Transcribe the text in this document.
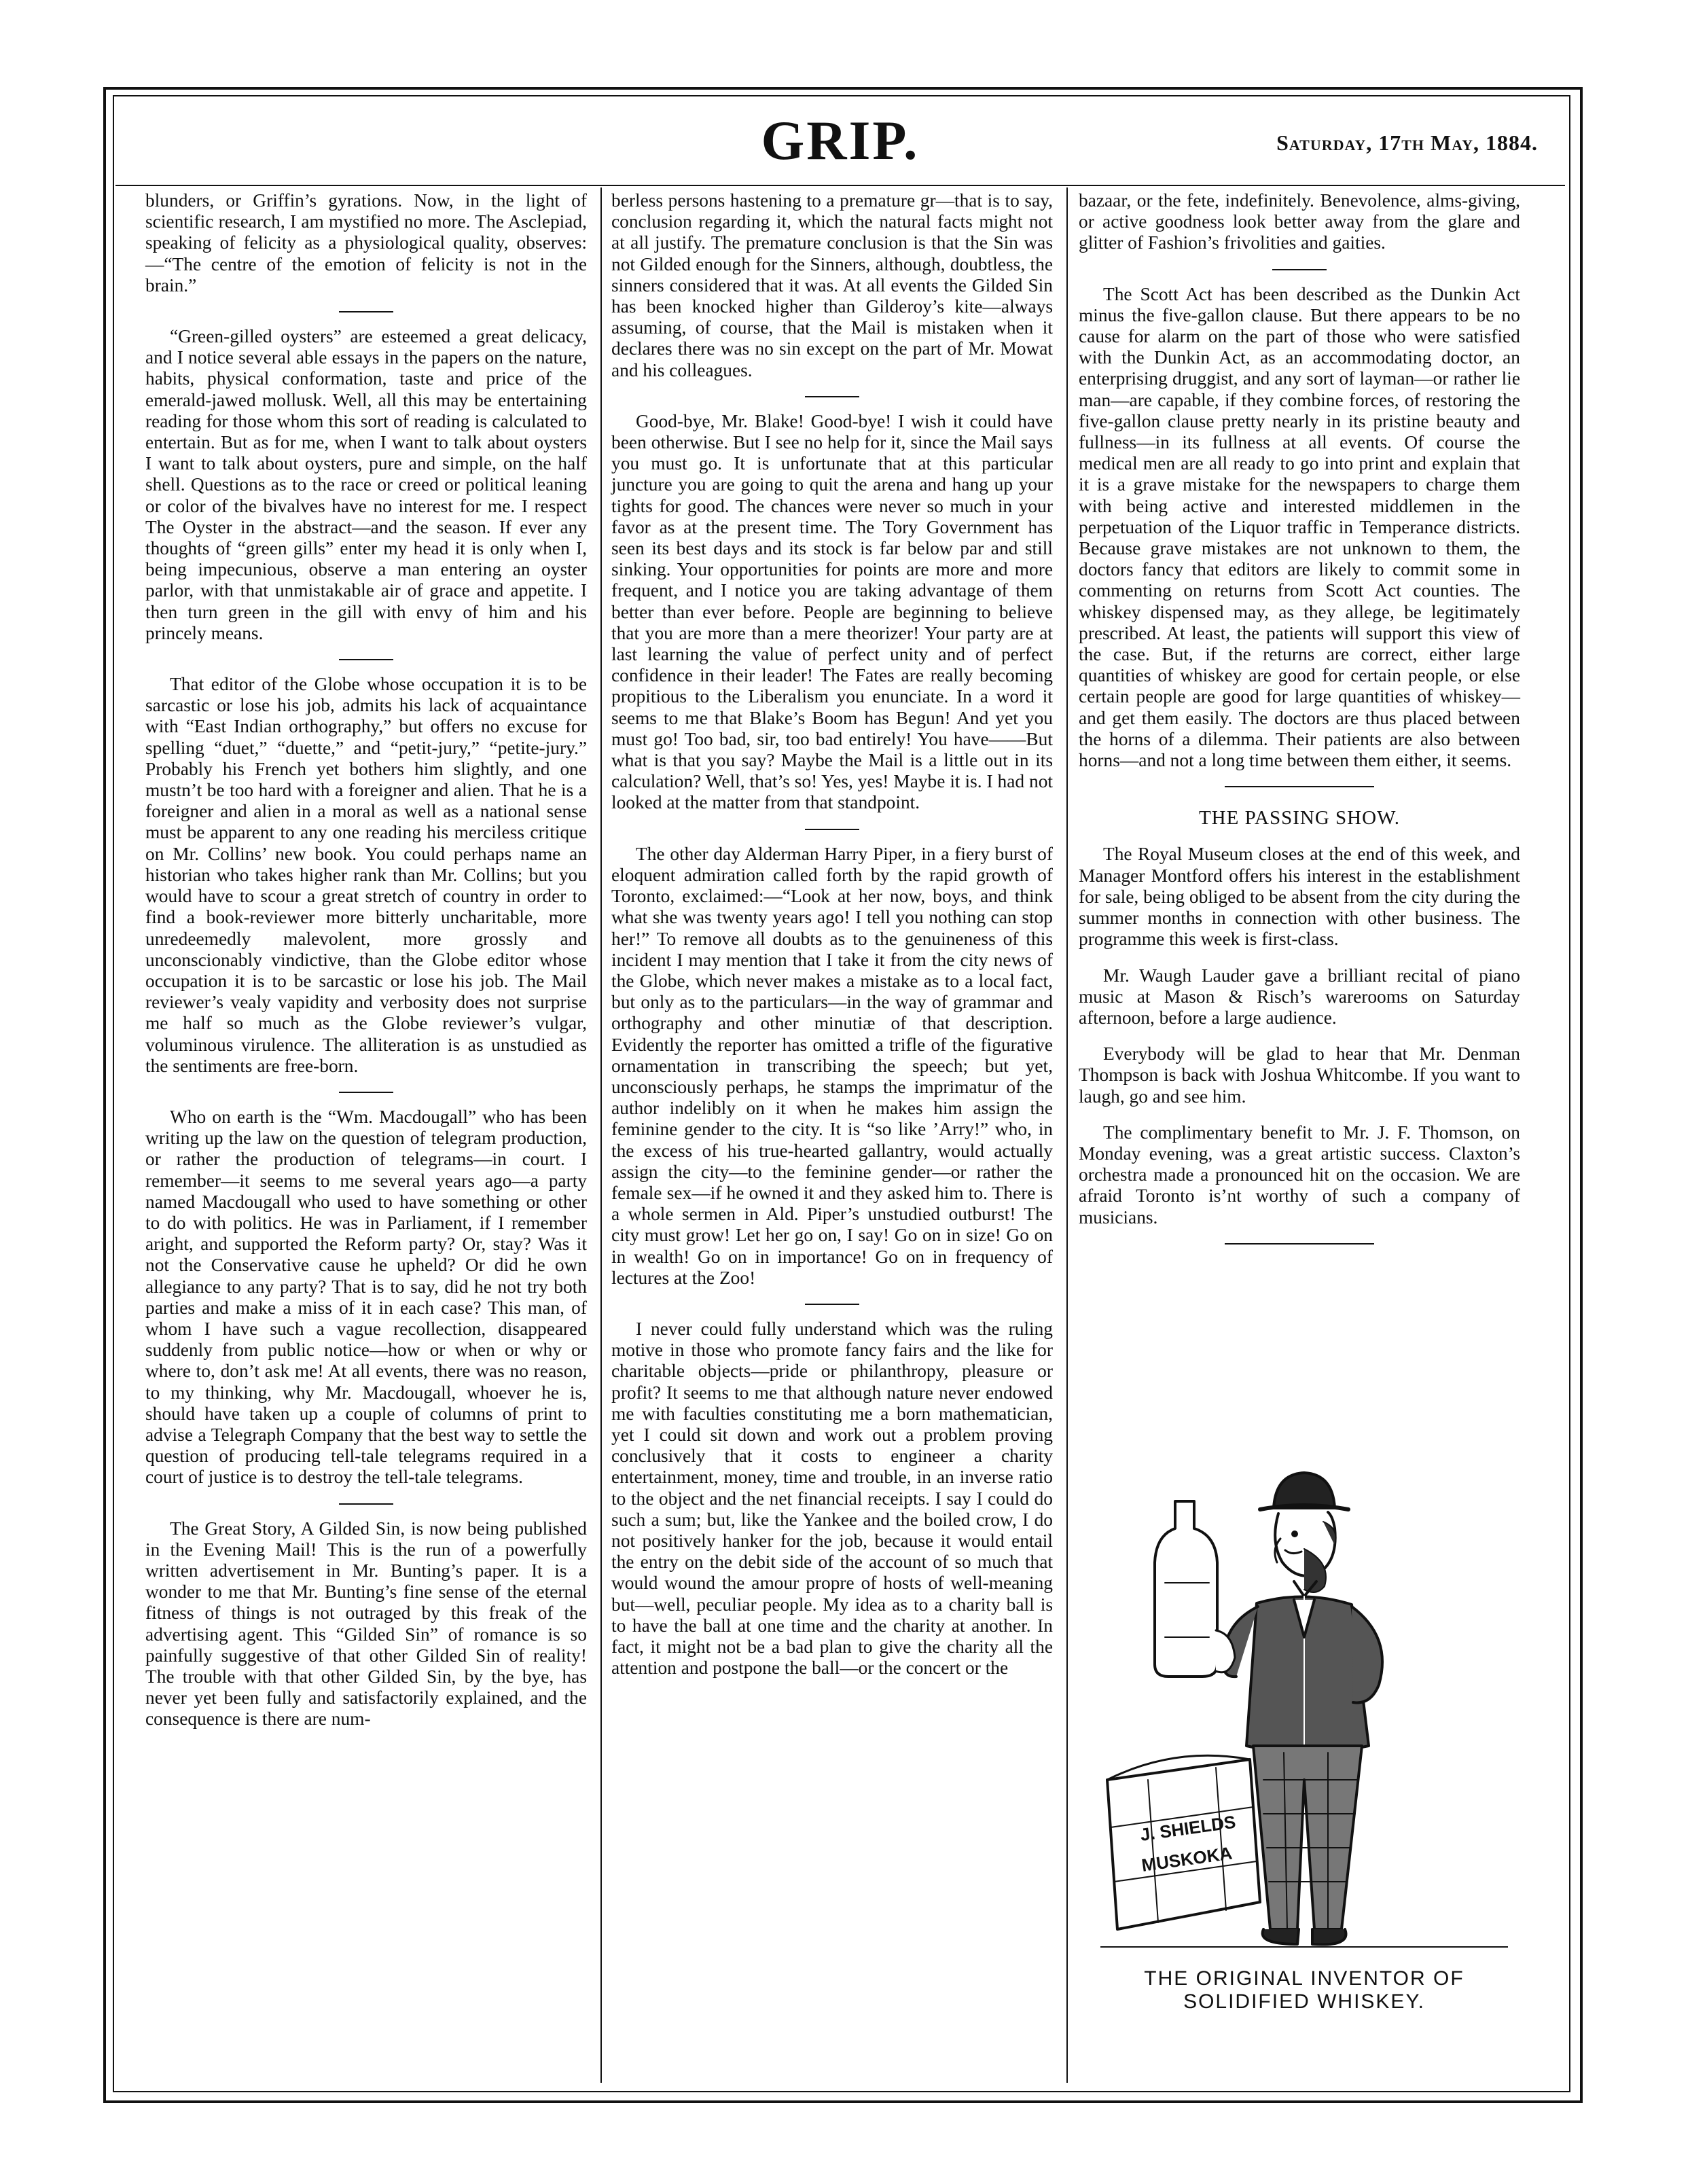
GRIP.	Saturday, 17th May, 1884.

blunders, or Griffin’s gyrations. Now, in the light of scientific research, I am mystified no more. The Asclepiad, speaking of felicity as a physiological quality, observes:—“The centre of the emotion of felicity is not in the brain.”

“Green-gilled oysters” are esteemed a great delicacy, and I notice several able essays in the papers on the nature, habits, physical conformation, taste and price of the emerald-jawed mollusk. Well, all this may be entertaining reading for those whom this sort of reading is calculated to entertain. But as for me, when I want to talk about oysters I want to talk about oysters, pure and simple, on the half shell. Questions as to the race or creed or political leaning or color of the bivalves have no interest for me. I respect The Oyster in the abstract—and the season. If ever any thoughts of “green gills” enter my head it is only when I, being impecunious, observe a man entering an oyster parlor, with that unmistakable air of grace and appetite. I then turn green in the gill with envy of him and his princely means.

That editor of the Globe whose occupation it is to be sarcastic or lose his job, admits his lack of acquaintance with “East Indian orthography,” but offers no excuse for spelling “duet,” “duette,” and “petit-jury,” “petite-jury.” Probably his French yet bothers him slightly, and one mustn’t be too hard with a foreigner and alien. That he is a foreigner and alien in a moral as well as a national sense must be apparent to any one reading his merciless critique on Mr. Collins’ new book. You could perhaps name an historian who takes higher rank than Mr. Collins; but you would have to scour a great stretch of country in order to find a book-reviewer more bitterly uncharitable, more unredeemedly malevolent, more grossly and unconscionably vindictive, than the Globe editor whose occupation it is to be sarcastic or lose his job. The Mail reviewer’s vealy vapidity and verbosity does not surprise me half so much as the Globe reviewer’s vulgar, voluminous virulence. The alliteration is as unstudied as the sentiments are free-born.

Who on earth is the “Wm. Macdougall” who has been writing up the law on the question of telegram production, or rather the production of telegrams—in court. I remember—it seems to me several years ago—a party named Macdougall who used to have something or other to do with politics. He was in Parliament, if I remember aright, and supported the Reform party? Or, stay? Was it not the Conservative cause he upheld? Or did he own allegiance to any party? That is to say, did he not try both parties and make a miss of it in each case? This man, of whom I have such a vague recollection, disappeared suddenly from public notice—how or when or why or where to, don’t ask me! At all events, there was no reason, to my thinking, why Mr. Macdougall, whoever he is, should have taken up a couple of columns of print to advise a Telegraph Company that the best way to settle the question of producing tell-tale telegrams required in a court of justice is to destroy the tell-tale telegrams.

The Great Story, A Gilded Sin, is now being published in the Evening Mail! This is the run of a powerfully written advertisement in Mr. Bunting’s paper. It is a wonder to me that Mr. Bunting’s fine sense of the eternal fitness of things is not outraged by this freak of the advertising agent. This “Gilded Sin” of romance is so painfully suggestive of that other Gilded Sin of reality! The trouble with that other Gilded Sin, by the bye, has never yet been fully and satisfactorily explained, and the consequence is there are num-

berless persons hastening to a premature gr—that is to say, conclusion regarding it, which the natural facts might not at all justify. The premature conclusion is that the Sin was not Gilded enough for the Sinners, although, doubtless, the sinners considered that it was. At all events the Gilded Sin has been knocked higher than Gilderoy’s kite—always assuming, of course, that the Mail is mistaken when it declares there was no sin except on the part of Mr. Mowat and his colleagues.

Good-bye, Mr. Blake! Good-bye! I wish it could have been otherwise. But I see no help for it, since the Mail says you must go. It is unfortunate that at this particular juncture you are going to quit the arena and hang up your tights for good. The chances were never so much in your favor as at the present time. The Tory Government has seen its best days and its stock is far below par and still sinking. Your opportunities for points are more and more frequent, and I notice you are taking advantage of them better than ever before. People are beginning to believe that you are more than a mere theorizer! Your party are at last learning the value of perfect unity and of perfect confidence in their leader! The Fates are really becoming propitious to the Liberalism you enunciate. In a word it seems to me that Blake’s Boom has Begun! And yet you must go! Too bad, sir, too bad entirely! You have——But what is that you say? Maybe the Mail is a little out in its calculation? Well, that’s so! Yes, yes! Maybe it is. I had not looked at the matter from that standpoint.

The other day Alderman Harry Piper, in a fiery burst of eloquent admiration called forth by the rapid growth of Toronto, exclaimed:—“Look at her now, boys, and think what she was twenty years ago! I tell you nothing can stop her!” To remove all doubts as to the genuineness of this incident I may mention that I take it from the city news of the Globe, which never makes a mistake as to a local fact, but only as to the particulars—in the way of grammar and orthography and other minutiæ of that description. Evidently the reporter has omitted a trifle of the figurative ornamentation in transcribing the speech; but yet, unconsciously perhaps, he stamps the imprimatur of the author indelibly on it when he makes him assign the feminine gender to the city. It is “so like ’Arry!” who, in the excess of his true-hearted gallantry, would actually assign the city—to the feminine gender—or rather the female sex—if he owned it and they asked him to. There is a whole sermen in Ald. Piper’s unstudied outburst! The city must grow! Let her go on, I say! Go on in size! Go on in wealth! Go on in importance! Go on in frequency of lectures at the Zoo!

I never could fully understand which was the ruling motive in those who promote fancy fairs and the like for charitable objects—pride or philanthropy, pleasure or profit? It seems to me that although nature never endowed me with faculties constituting me a born mathematician, yet I could sit down and work out a problem proving conclusively that it costs to engineer a charity entertainment, money, time and trouble, in an inverse ratio to the object and the net financial receipts. I say I could do such a sum; but, like the Yankee and the boiled crow, I do not positively hanker for the job, because it would entail the entry on the debit side of the account of so much that would wound the amour propre of hosts of well-meaning but—well, peculiar people. My idea as to a charity ball is to have the ball at one time and the charity at another. In fact, it might not be a bad plan to give the charity all the attention and postpone the ball—or the concert or the

bazaar, or the fete, indefinitely. Benevolence, alms-giving, or active goodness look better away from the glare and glitter of Fashion’s frivolities and gaities.

The Scott Act has been described as the Dunkin Act minus the five-gallon clause. But there appears to be no cause for alarm on the part of those who were satisfied with the Dunkin Act, as an accommodating doctor, an enterprising druggist, and any sort of layman—or rather lie man—are capable, if they combine forces, of restoring the five-gallon clause pretty nearly in its pristine beauty and fullness—in its fullness at all events. Of course the medical men are all ready to go into print and explain that it is a grave mistake for the newspapers to charge them with being active and interested middlemen in the perpetuation of the Liquor traffic in Temperance districts. Because grave mistakes are not unknown to them, the doctors fancy that editors are likely to commit some in commenting on returns from Scott Act counties. The whiskey dispensed may, as they allege, be legitimately prescribed. At least, the patients will support this view of the case. But, if the returns are correct, either large quantities of whiskey are good for certain people, or else certain people are good for large quantities of whiskey—and get them easily. The doctors are thus placed between the horns of a dilemma. Their patients are also between horns—and not a long time between them either, it seems.

THE PASSING SHOW.

The Royal Museum closes at the end of this week, and Manager Montford offers his interest in the establishment for sale, being obliged to be absent from the city during the summer months in connection with other business. The programme this week is first-class.

Mr. Waugh Lauder gave a brilliant recital of piano music at Mason & Risch’s warerooms on Saturday afternoon, before a large audience.

Everybody will be glad to hear that Mr. Denman Thompson is back with Joshua Whitcombe. If you want to laugh, go and see him.

The complimentary benefit to Mr. J. F. Thomson, on Monday evening, was a great artistic success. Claxton’s orchestra made a pronounced hit on the occasion. We are afraid Toronto is’nt worthy of such a company of musicians.

J. SHIELDS
MUSKOKA
THE ORIGINAL INVENTOR OF
SOLIDIFIED WHISKEY.
